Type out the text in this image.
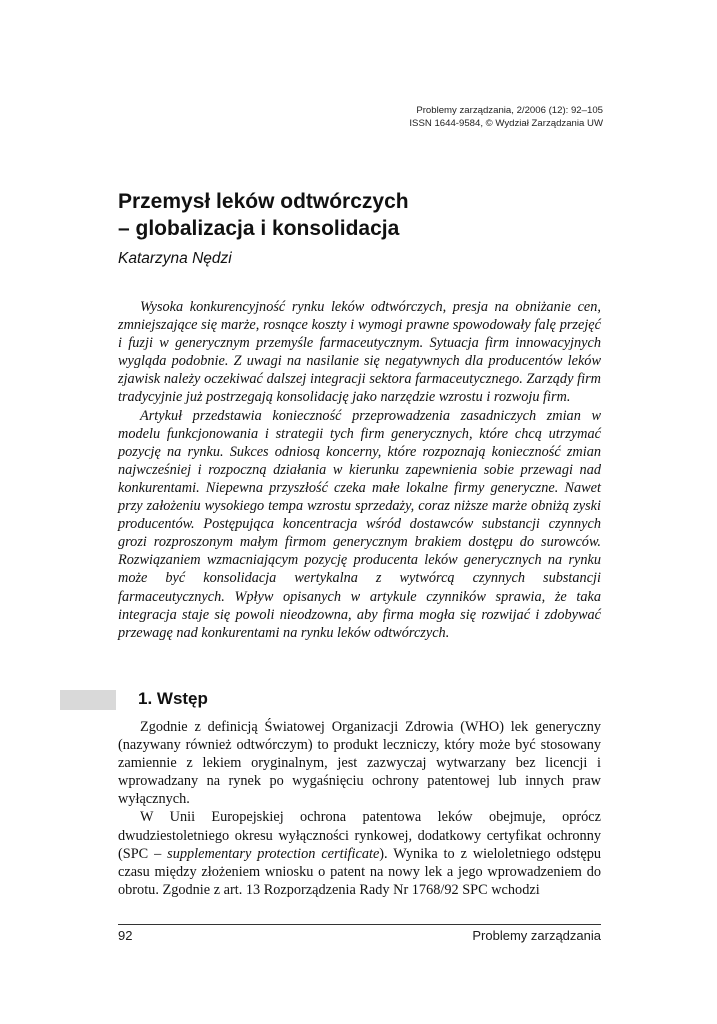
Problemy zarządzania, 2/2006 (12): 92–105
ISSN 1644-9584, © Wydział Zarządzania UW
Przemysł leków odtwórczych
– globalizacja i konsolidacja
Katarzyna Nędzi

Wysoka konkurencyjność rynku leków odtwórczych, presja na obniżanie cen, zmniejszające się marże, rosnące koszty i wymogi prawne spowodowały falę przejęć i fuzji w generycznym przemyśle farmaceutycznym. Sytuacja firm innowacyjnych wygląda podobnie. Z uwagi na nasilanie się negatywnych dla producentów leków zjawisk należy oczekiwać dalszej integracji sektora farmaceutycznego. Zarządy firm tradycyjnie już postrzegają konsolidację jako narzędzie wzrostu i rozwoju firm.

Artykuł przedstawia konieczność przeprowadzenia zasadniczych zmian w modelu funkcjonowania i strategii tych firm generycznych, które chcą utrzymać pozycję na rynku. Sukces odniosą koncerny, które rozpoznają konieczność zmian najwcześniej i rozpoczną działania w kierunku zapewnienia sobie przewagi nad konkurentami. Niepewna przyszłość czeka małe lokalne firmy generyczne. Nawet przy założeniu wysokiego tempa wzrostu sprzedaży, coraz niższe marże obniżą zyski producentów. Postępująca koncentracja wśród dostawców substancji czynnych grozi rozproszonym małym firmom generycznym brakiem dostępu do surowców. Rozwiązaniem wzmacniającym pozycję producenta leków generycznych na rynku może być konsolidacja wertykalna z wytwórcą czynnych substancji farmaceutycznych. Wpływ opisanych w artykule czynników sprawia, że taka integracja staje się powoli nieodzowna, aby firma mogła się rozwijać i zdobywać przewagę nad konkurentami na rynku leków odtwórczych.

1. Wstęp

Zgodnie z definicją Światowej Organizacji Zdrowia (WHO) lek generyczny (nazywany również odtwórczym) to produkt leczniczy, który może być stosowany zamiennie z lekiem oryginalnym, jest zazwyczaj wytwarzany bez licencji i wprowadzany na rynek po wygaśnięciu ochrony patentowej lub innych praw wyłącznych.

W Unii Europejskiej ochrona patentowa leków obejmuje, oprócz dwudziestoletniego okresu wyłączności rynkowej, dodatkowy certyfikat ochronny (SPC – supplementary protection certificate). Wynika to z wieloletniego odstępu czasu między złożeniem wniosku o patent na nowy lek a jego wprowadzeniem do obrotu. Zgodnie z art. 13 Rozporządzenia Rady Nr 1768/92 SPC wchodzi

92	Problemy zarządzania
